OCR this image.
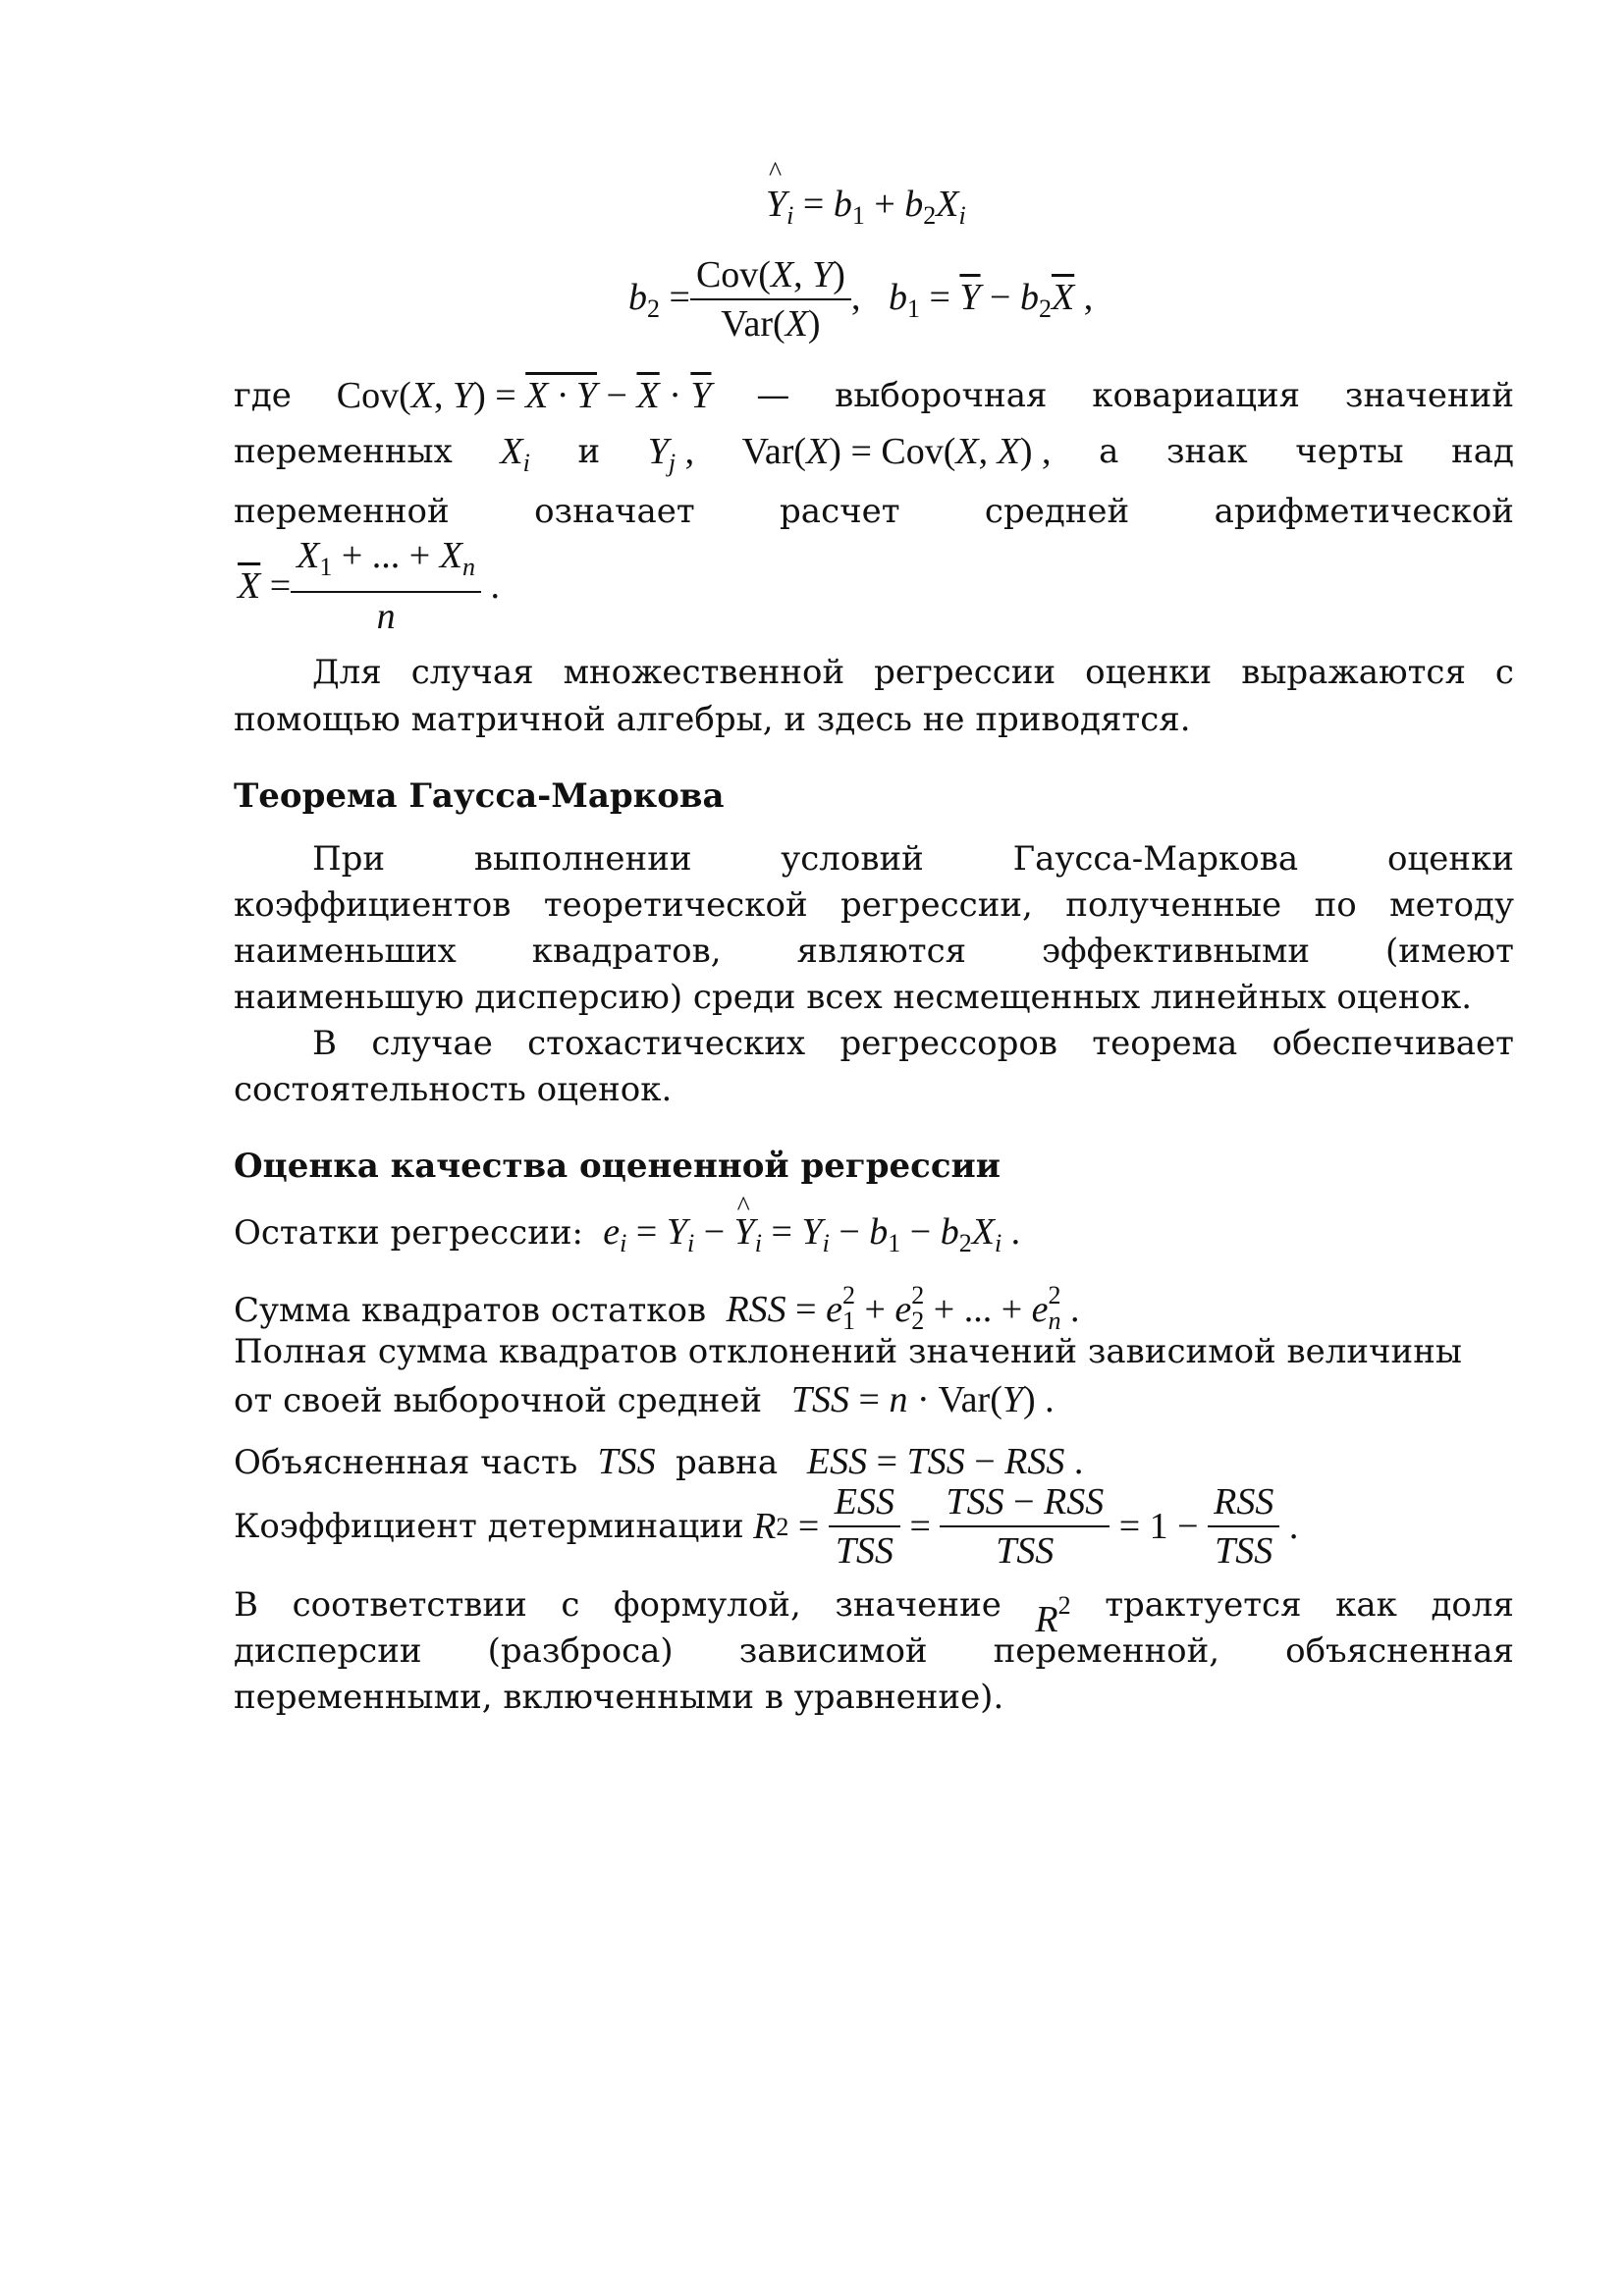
^ $Y_i = b_1 + b_2X_i$
$b_2 = \frac{\text{Cov(X, Y)}}{\text{Var(X)}}$ ,   $b_1 = \overline{Y} - b_2\overline{X}$ ,
где Cov(X, $Y) = X \cdot Y - \overline{X} \cdot \overline{Y}$ — выборочная ковариация значений
переменных $X_i$ и $Y_j$ , Var(X) = Cov(X, X) , а знак черты над
переменной	означает	расчет	средней	арифметической
$\overline{X} = \frac{X_1 + ... + X_n}{n}$ .
Для случая множественной регрессии оценки выражаются с
помощью матричной алгебры, и здесь не приводятся.
Теорема Гаусса-Маркова
При	выполнении	условий	Гаусса-Маркова	оценки
коэффициентов теоретической регрессии, полученные по методу
наименьших квадратов, являются эффективными (имеют
наименьшую дисперсию) среди всех несмещенных линейных оценок.
В случае стохастических регрессоров теорема обеспечивает
состоятельность оценок.
Оценка качества оцененной регрессии
Остатки регрессии: $e_i = Y_i$ − ^ $Y_i = Y_i - b_1 - b_2X_i$ .
Сумма квадратов остатков RSS = $e^2_1 + e^2_2$ + ... + $e^2_n$ .
Полная сумма квадратов отклонений значений зависимой величины
от своей выборочной средней TSS = n · Var(Y) .
Объясненная часть  TSS  равна ESS = TSS − RSS .
Коэффициент детерминации
R $2 = \frac{\text{ESS}}{\text{TSS}} = \frac{\text{TSS − RSS}}{\text{TSS}} = 1 - \frac{\text{RSS}}{\text{TSS}}$ .
В соответствии с формулой, значение $R^2$ трактуется как доля
дисперсии (разброса) зависимой переменной, объясненная
переменными, включенными в уравнение).
